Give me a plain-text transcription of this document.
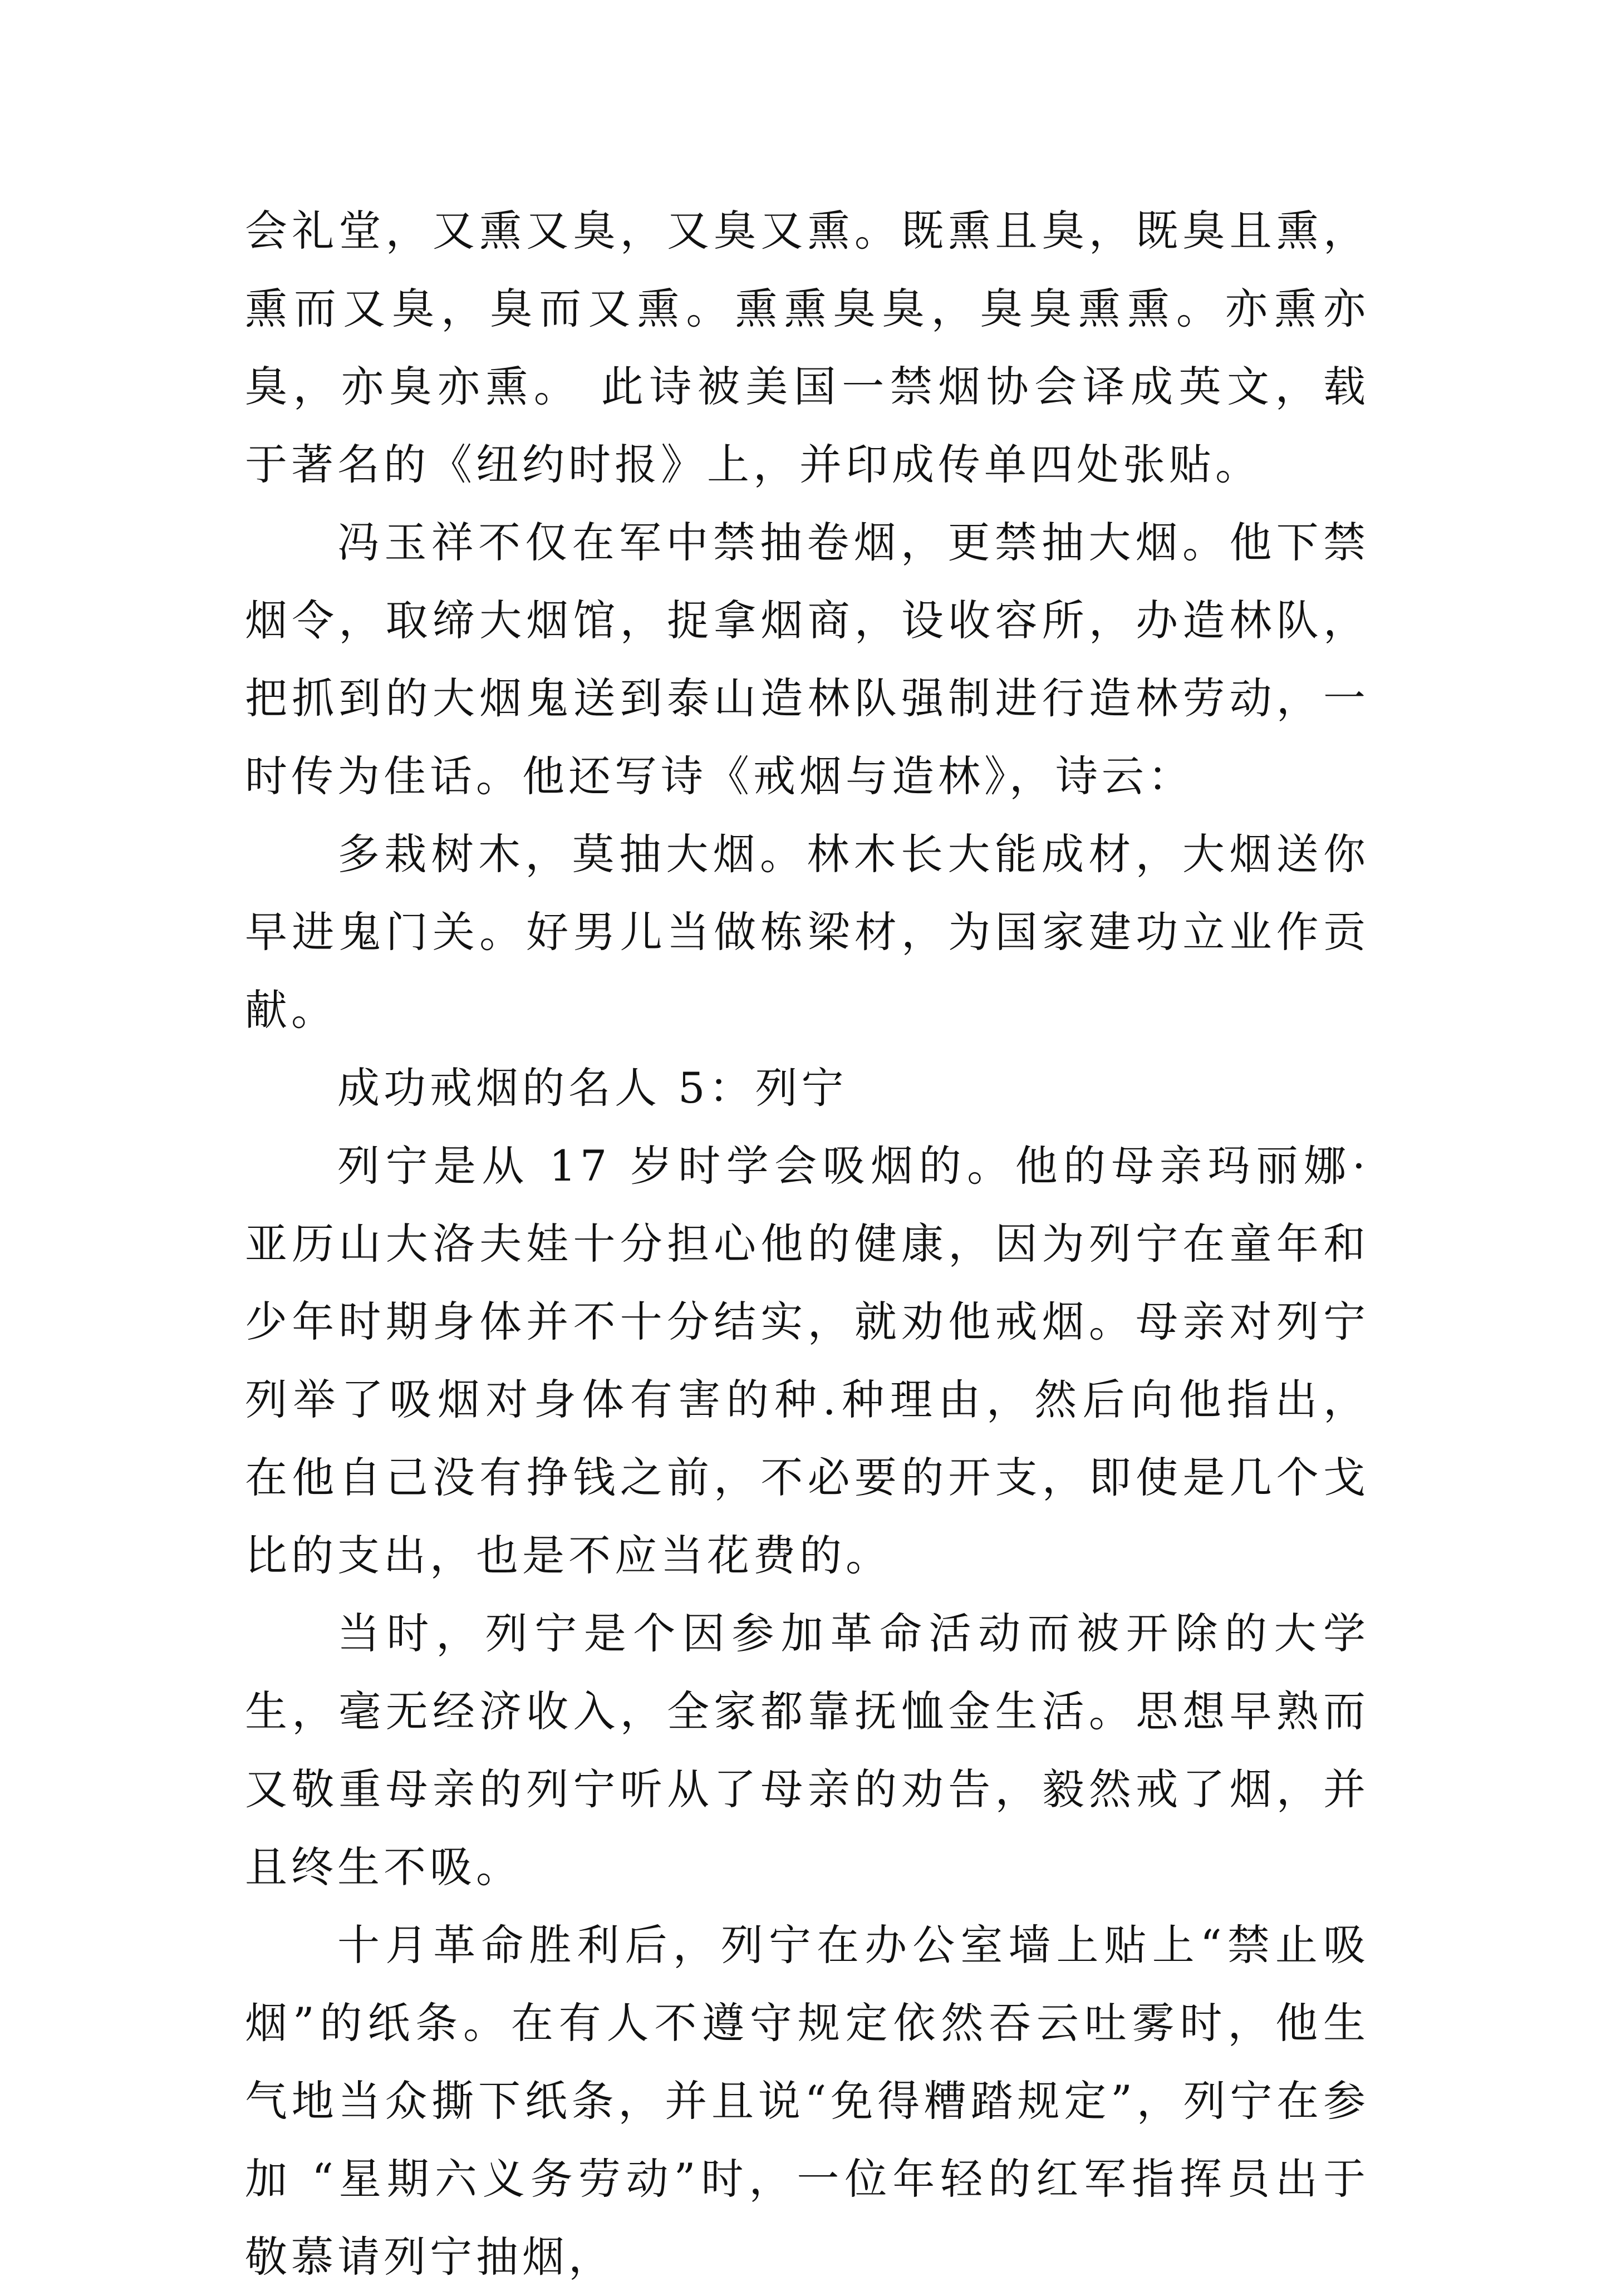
会礼堂，又熏又臭，又臭又熏。既熏且臭，既臭且熏，熏而又臭，臭而又熏。熏熏臭臭，臭臭熏熏。亦熏亦臭，亦臭亦熏。 此诗被美国一禁烟协会译成英文，载于著名的《纽约时报》上，并印成传单四处张贴。

冯玉祥不仅在军中禁抽卷烟，更禁抽大烟。他下禁烟令，取缔大烟馆，捉拿烟商，设收容所，办造林队，把抓到的大烟鬼送到泰山造林队强制进行造林劳动，一时传为佳话。他还写诗《戒烟与造林》，诗云：

多栽树木，莫抽大烟。林木长大能成材，大烟送你早进鬼门关。好男儿当做栋梁材，为国家建功立业作贡献。

成功戒烟的名人 5：列宁

列宁是从 17 岁时学会吸烟的。他的母亲玛丽娜·亚历山大洛夫娃十分担心他的健康，因为列宁在童年和少年时期身体并不十分结实，就劝他戒烟。母亲对列宁列举了吸烟对身体有害的种.种理由，然后向他指出，在他自己没有挣钱之前，不必要的开支，即使是几个戈比的支出，也是不应当花费的。

当时，列宁是个因参加革命活动而被开除的大学生，毫无经济收入，全家都靠抚恤金生活。思想早熟而又敬重母亲的列宁听从了母亲的劝告，毅然戒了烟，并且终生不吸。

十月革命胜利后，列宁在办公室墙上贴上“禁止吸烟”的纸条。在有人不遵守规定依然吞云吐雾时，他生气地当众撕下纸条，并且说“免得糟踏规定”，列宁在参加 “星期六义务劳动”时，一位年轻的红军指挥员出于敬慕请列宁抽烟，
